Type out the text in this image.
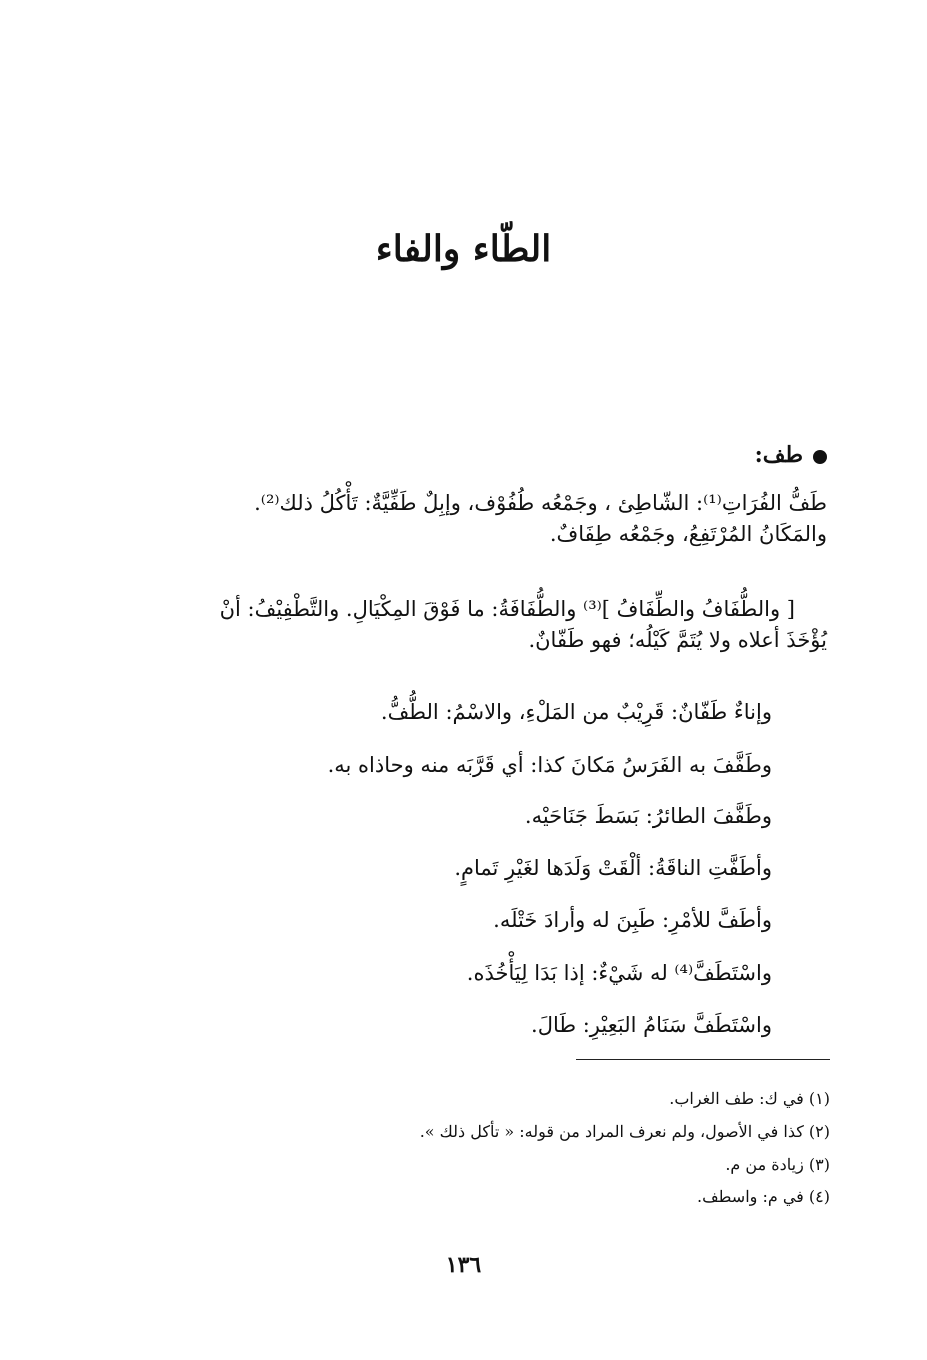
الطّاء والفاء
طف:
طَفُّ الفُرَاتِ⁽¹⁾: الشّاطِئ ، وجَمْعُه طُفُوْف، وإبِلٌ طَفِّيَّةٌ: تَأْكُلُ ذلك⁽²⁾.
والمَكَانُ المُرْتَفِعُ، وجَمْعُه طِفَافٌ.
[ والطُّفَافُ والطِّفَافُ ]⁽³⁾ والطُّفَافَةُ: ما فَوْقَ المِكْيَالِ. والتَّطْفِيْفُ: أنْ
يُؤْخَذَ أعلاه ولا يُتَمَّ كَيْلُه؛ فهو طَفّانٌ.
وإناءٌ طَفّانٌ: قَرِيْبٌ من المَلْءِ، والاسْمُ: الطُّفُّ.
وطَفَّفَ به الفَرَسُ مَكانَ كذا: أي قَرَّبَه منه وحاذاه به.
وطَفَّفَ الطائرُ: بَسَطَ جَنَاحَيْه.
وأطَفَّتِ الناقَةُ: ألْقَتْ وَلَدَها لغَيْرِ تَمامٍ.
وأطَفَّ للأمْرِ: طَبِنَ له وأرادَ خَتْلَه.
واسْتَطَفَّ⁽⁴⁾ له شَيْءٌ: إذا بَدَا لِيَأْخُذَه.
واسْتَطَفَّ سَنَامُ البَعِيْرِ: طَالَ.
(١) في ك: طف الغراب.
(٢) كذا في الأصول، ولم نعرف المراد من قوله: « تأكل ذلك ».
(٣) زيادة من م.
(٤) في م: واسطف.
١٣٦
